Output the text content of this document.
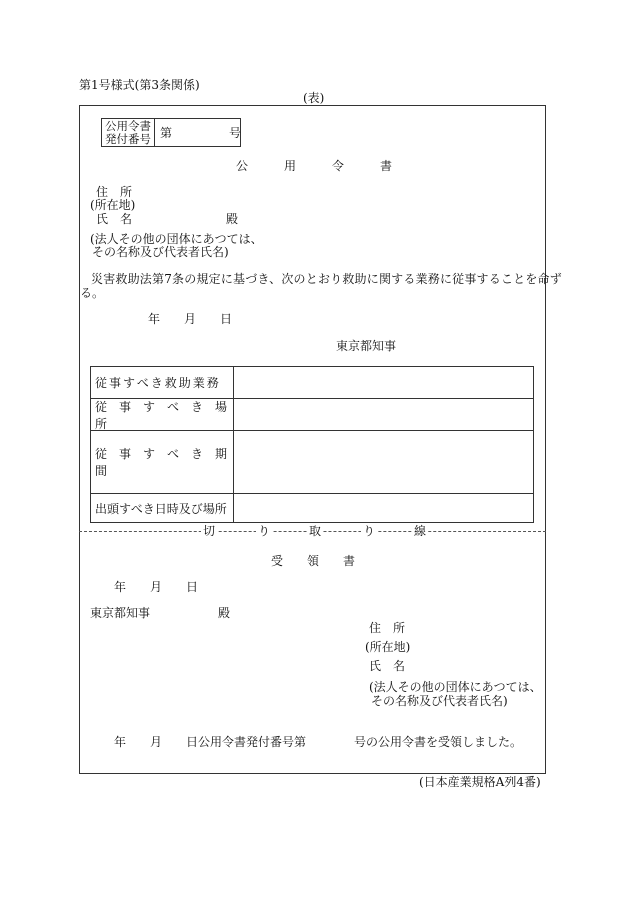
第1号様式(第3条関係)
(表)
公用令書
発付番号 第	号
公　　　用　　　令　　　書
住　所
(所在地)
氏　名	殿
(法人その他の団体にあつては、
その名称及び代表者氏名)
災害救助法第7条の規定に基づき、次のとおり救助に関する業務に従事することを命ず
る。
年　　月　　日
東京都知事
従事すべき救助業務
従　事　す　べ　き　場　所
従　事　す　べ　き　期　間
出頭すべき日時及び場所
切	り	取	り	線
受　　領　　書
年　　月　　日
東京都知事	殿
住　所
(所在地)
氏　名
(法人その他の団体にあつては、
その名称及び代表者氏名)
年　　月　　日公用令書発付番号第　　　　号の公用令書を受領しました。
(日本産業規格A列4番)
